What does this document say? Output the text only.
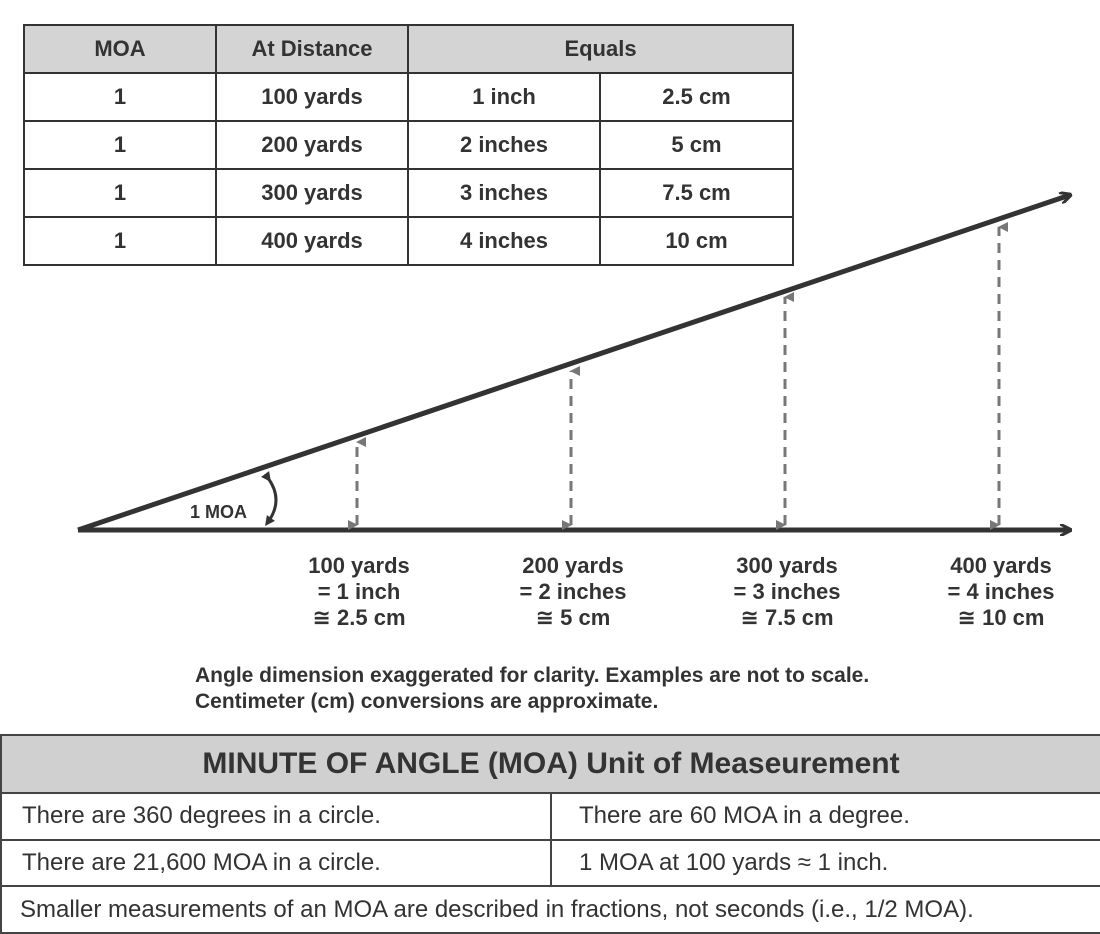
MOA	At Distance	Equals	
1	100 yards	1 inch	2.5 cm
1	200 yards	2 inches	5 cm
1	300 yards	3 inches	7.5 cm
1	400 yards	4 inches	10 cm
1 MOA
100 yards
= 1 inch
≅ 2.5 cm
200 yards
= 2 inches
≅ 5 cm
300 yards
= 3 inches
≅ 7.5 cm
400 yards
= 4 inches
≅ 10 cm
Angle dimension exaggerated for clarity. Examples are not to scale.
Centimeter (cm) conversions are approximate.
MINUTE OF ANGLE (MOA) Unit of Measeurement	
There are 360 degrees in a circle.	There are 60 MOA in a degree.
There are 21,600 MOA in a circle.	1 MOA at 100 yards ≈ 1 inch.
Smaller measurements of an MOA are described in fractions, not seconds (i.e., 1/2 MOA).	
